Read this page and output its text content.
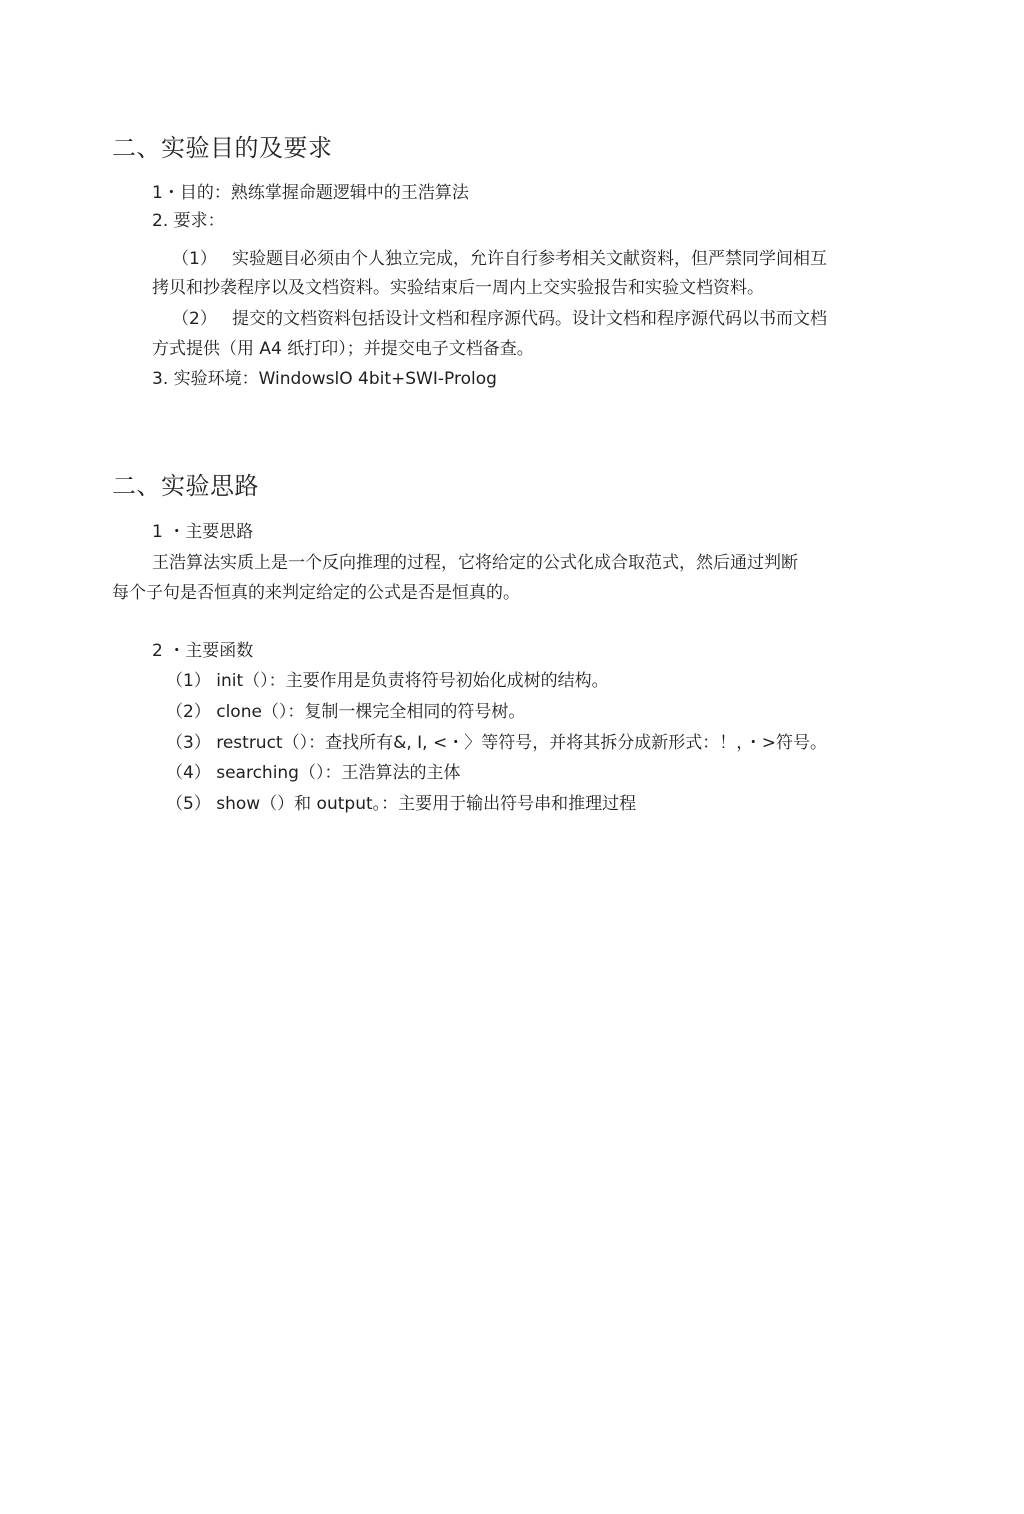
二、实验目的及要求
1・目的：熟练掌握命题逻辑中的王浩算法
2. 要求：
（1） 实验题目必须由个人独立完成，允许自行参考相关文献资料，但严禁同学间相互
拷贝和抄袭程序以及文档资料。实验结束后一周内上交实验报告和实验文档资料。
（2） 提交的文档资料包括设计文档和程序源代码。设计文档和程序源代码以书而文档
方式提供（用 A4 纸打印）；并提交电子文档备查。
3. 实验环境：WindowslO 4bit+SWI-Prolog
二、实验思路
1 ・主要思路
王浩算法实质上是一个反向推理的过程，它将给定的公式化成合取范式，然后通过判断
每个子句是否恒真的来判定给定的公式是否是恒真的。
2 ・主要函数
（1） init（）：主要作用是负责将符号初始化成树的结构。
（2） clone（）：复制一棵完全相同的符号树。
（3） restruct（）：查找所有&, I, <・〉等符号，并将其拆分成新形式：！，・>符号。
（4） searching（）：王浩算法的主体
（5） show（）和 output。：主要用于输出符号串和推理过程
